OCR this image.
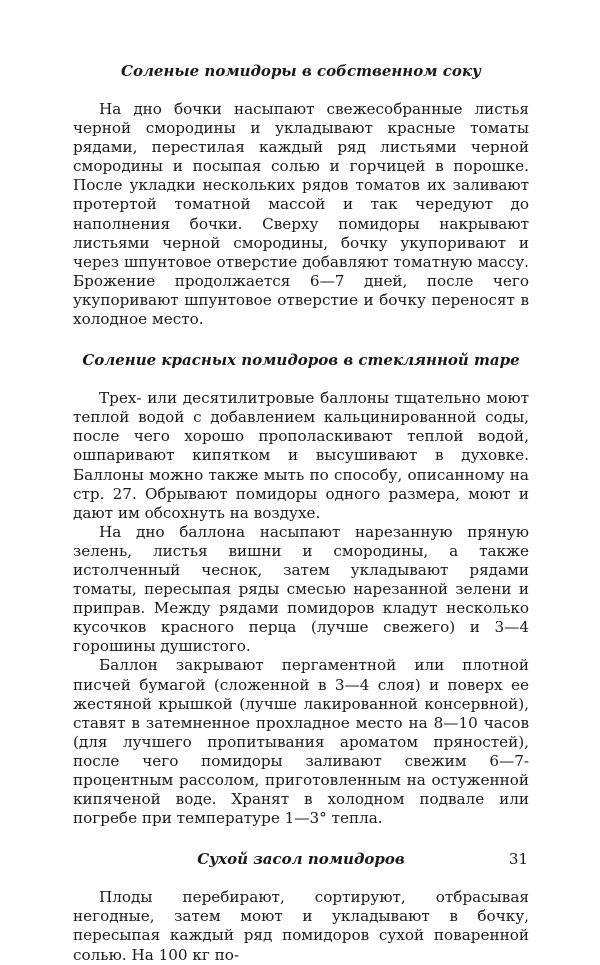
Соленые помидоры в собственном соку

На дно бочки насыпают свежесобранные листья черной смородины и укладывают красные томаты рядами, перестилая каждый ряд листьями черной смородины и посыпая солью и горчицей в порошке. После укладки нескольких рядов томатов их заливают протертой томатной массой и так чередуют до наполнения бочки. Сверху помидоры накрывают листьями черной смородины, бочку укупоривают и через шпунтовое отверстие добавляют томатную массу. Брожение продолжается 6—7 дней, после чего укупоривают шпунтовое отверстие и бочку переносят в холодное место.

Соление красных помидоров в стеклянной таре

Трех- или десятилитровые баллоны тщательно моют теплой водой с добавлением кальцинированной соды, после чего хорошо прополаскивают теплой водой, ошпаривают кипятком и высушивают в духовке. Баллоны можно также мыть по способу, описанному на стр. 27. Обрывают помидоры одного размера, моют и дают им обсохнуть на воздухе.

На дно баллона насыпают нарезанную пряную зелень, листья вишни и смородины, а также истолченный чеснок, затем укладывают рядами томаты, пересыпая ряды смесью нарезанной зелени и приправ. Между рядами помидоров кладут несколько кусочков красного перца (лучше свежего) и 3—4 горошины душистого.

Баллон закрывают пергаментной или плотной писчей бумагой (сложенной в 3—4 слоя) и поверх ее жестяной крышкой (лучше лакированной консервной), ставят в затемненное прохладное место на 8—10 часов (для лучшего пропитывания ароматом пряностей), после чего помидоры заливают свежим 6—7-процентным рассолом, приготовленным на остуженной кипяченой воде. Хранят в холодном подвале или погребе при температуре 1—3° тепла.

Сухой засол помидоров

Плоды перебирают, сортируют, отбрасывая негодные, затем моют и укладывают в бочку, пересыпая каждый ряд помидоров сухой поваренной солью. На 100 кг по-

31
